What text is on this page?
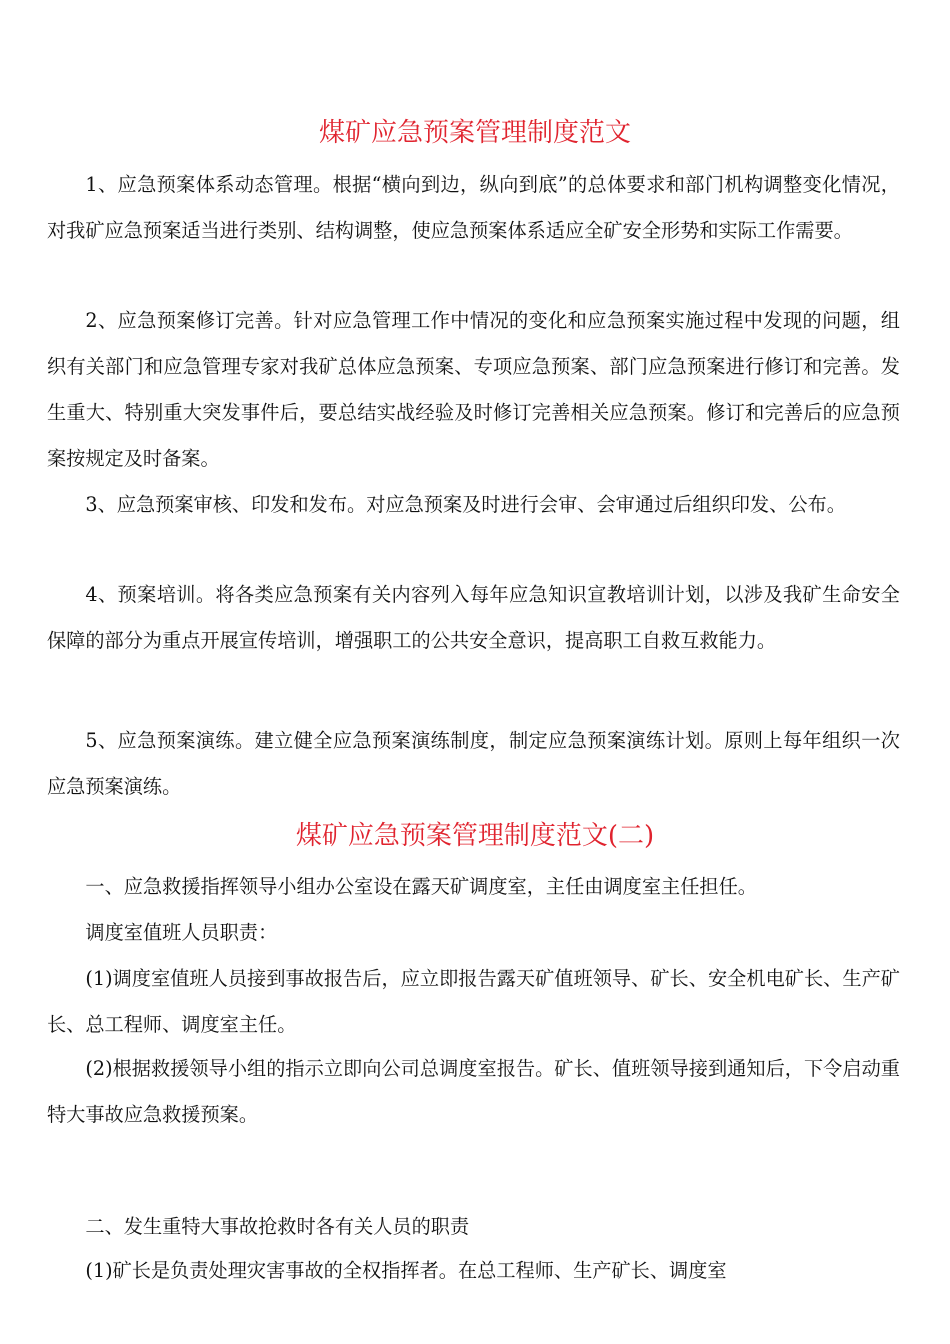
煤矿应急预案管理制度范文

1、应急预案体系动态管理。根据“横向到边，纵向到底”的总体要求和部门机构调整变化情况，对我矿应急预案适当进行类别、结构调整，使应急预案体系适应全矿安全形势和实际工作需要。

2、应急预案修订完善。针对应急管理工作中情况的变化和应急预案实施过程中发现的问题，组织有关部门和应急管理专家对我矿总体应急预案、专项应急预案、部门应急预案进行修订和完善。发生重大、特别重大突发事件后，要总结实战经验及时修订完善相关应急预案。修订和完善后的应急预案按规定及时备案。

3、应急预案审核、印发和发布。对应急预案及时进行会审、会审通过后组织印发、公布。

4、预案培训。将各类应急预案有关内容列入每年应急知识宣教培训计划，以涉及我矿生命安全保障的部分为重点开展宣传培训，增强职工的公共安全意识，提高职工自救互救能力。

5、应急预案演练。建立健全应急预案演练制度，制定应急预案演练计划。原则上每年组织一次应急预案演练。

煤矿应急预案管理制度范文(二)

一、应急救援指挥领导小组办公室设在露天矿调度室，主任由调度室主任担任。

调度室值班人员职责：

(1)调度室值班人员接到事故报告后，应立即报告露天矿值班领导、矿长、安全机电矿长、生产矿长、总工程师、调度室主任。

(2)根据救援领导小组的指示立即向公司总调度室报告。矿长、值班领导接到通知后，下令启动重特大事故应急救援预案。

二、发生重特大事故抢救时各有关人员的职责

(1)矿长是负责处理灾害事故的全权指挥者。在总工程师、生产矿长、调度室
